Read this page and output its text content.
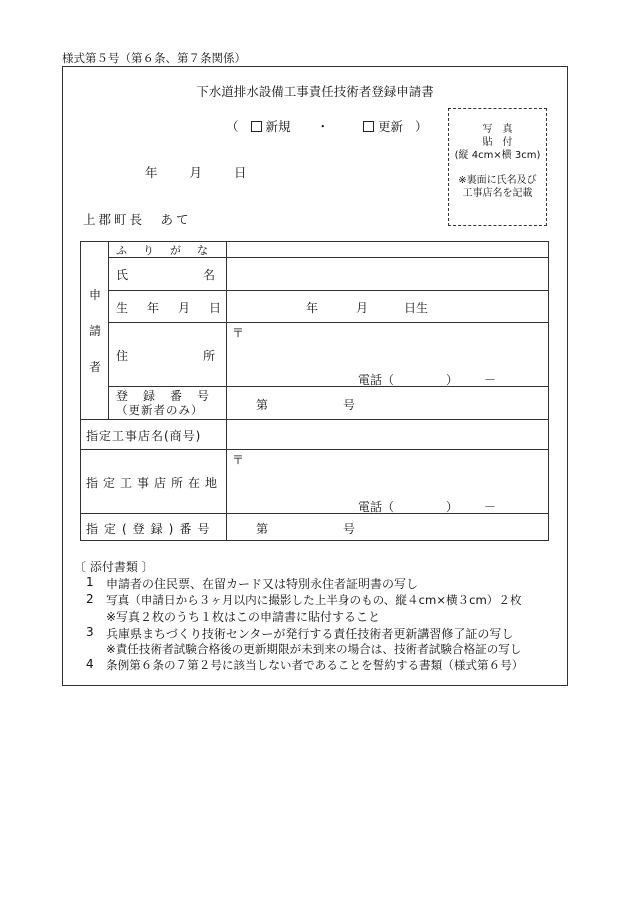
様式第５号（第６条、第７条関係）
下水道排水設備工事責任技術者登録申請書
（ 新規 ・	更新 ）	写　真
貼　付
(縦 4cm×横 3cm)
※裏面に氏名及び
工事店名を記載
年	月	日
上郡町長　あて
申
請
者
ふりがな
氏名
生年月日	年	月	日生
住所
〒
電話（	） －
登録番号
（更新者のみ）	第	号
指定工事店名(商号)
指定工事店所在地
〒
電話（	） －
指定(登録)番号	第	号
〔 添付書類 〕
1 申請者の住民票、在留カード又は特別永住者証明書の写し
2 写真（申請日から３ヶ月以内に撮影した上半身のもの、縦４cm×横３cm）２枚
※写真２枚のうち１枚はこの申請書に貼付すること
3 兵庫県まちづくり技術センターが発行する責任技術者更新講習修了証の写し
※責任技術者試験合格後の更新期限が未到来の場合は、技術者試験合格証の写し
4 条例第６条の７第２号に該当しない者であることを誓約する書類（様式第６号）
